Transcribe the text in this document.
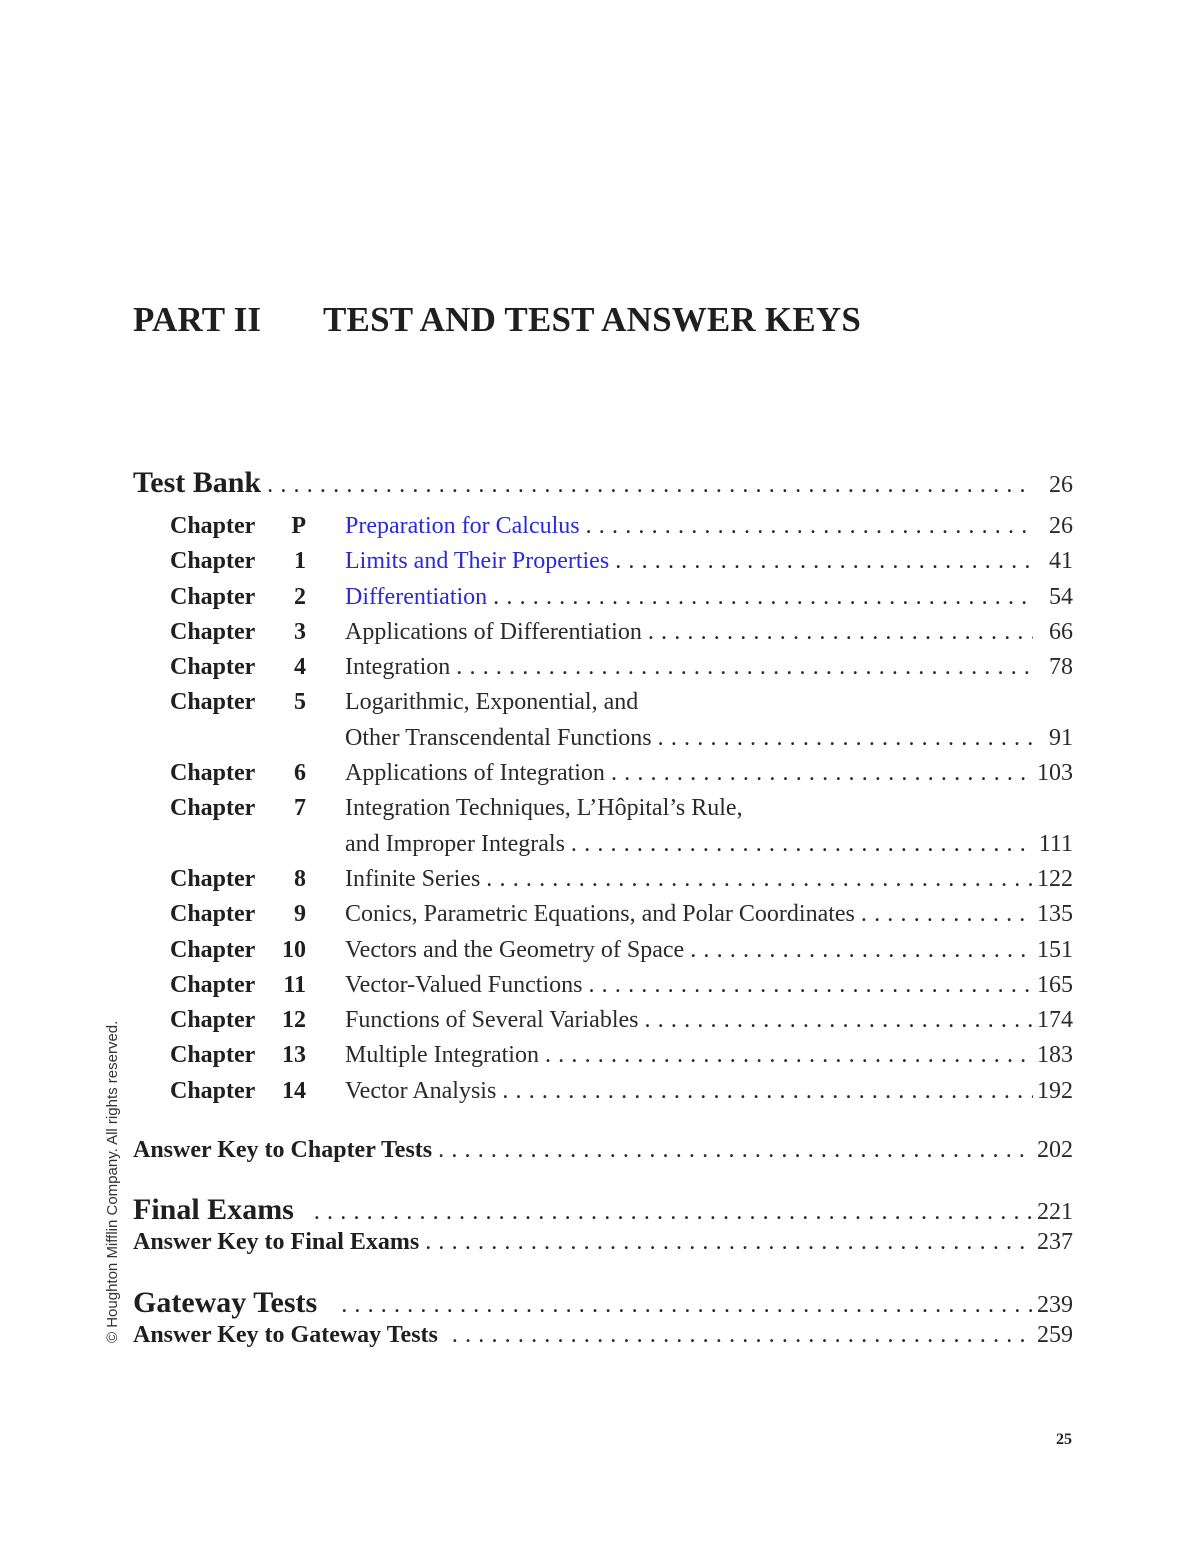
PART II	TEST AND TEST ANSWER KEYS
Test Bank . . .	26
Chapter P	Preparation for Calculus . . .	26
Chapter 1	Limits and Their Properties . . .	41
Chapter 2	Differentiation . . .	54
Chapter 3	Applications of Differentiation . . .	66
Chapter 4	Integration . . .	78
Chapter 5	Logarithmic, Exponential, and
Other Transcendental Functions . . .	91
Chapter 6	Applications of Integration . . .	103
Chapter 7	Integration Techniques, L’Hôpital’s Rule,
and Improper Integrals . . .	111
Chapter 8	Infinite Series . . .	122
Chapter 9	Conics, Parametric Equations, and Polar Coordinates . . .	135
Chapter 10	Vectors and the Geometry of Space . . .	151
Chapter 11	Vector-Valued Functions . . .	165
Chapter 12	Functions of Several Variables . . .	174
Chapter 13	Multiple Integration . . .	183
Chapter 14	Vector Analysis . . .	192
Answer Key to Chapter Tests . . .	202
Final Exams . . .	221
Answer Key to Final Exams . . .	237
Gateway Tests . . .	239
Answer Key to Gateway Tests . . .	259
© Houghton Mifflin Company. All rights reserved.
25
